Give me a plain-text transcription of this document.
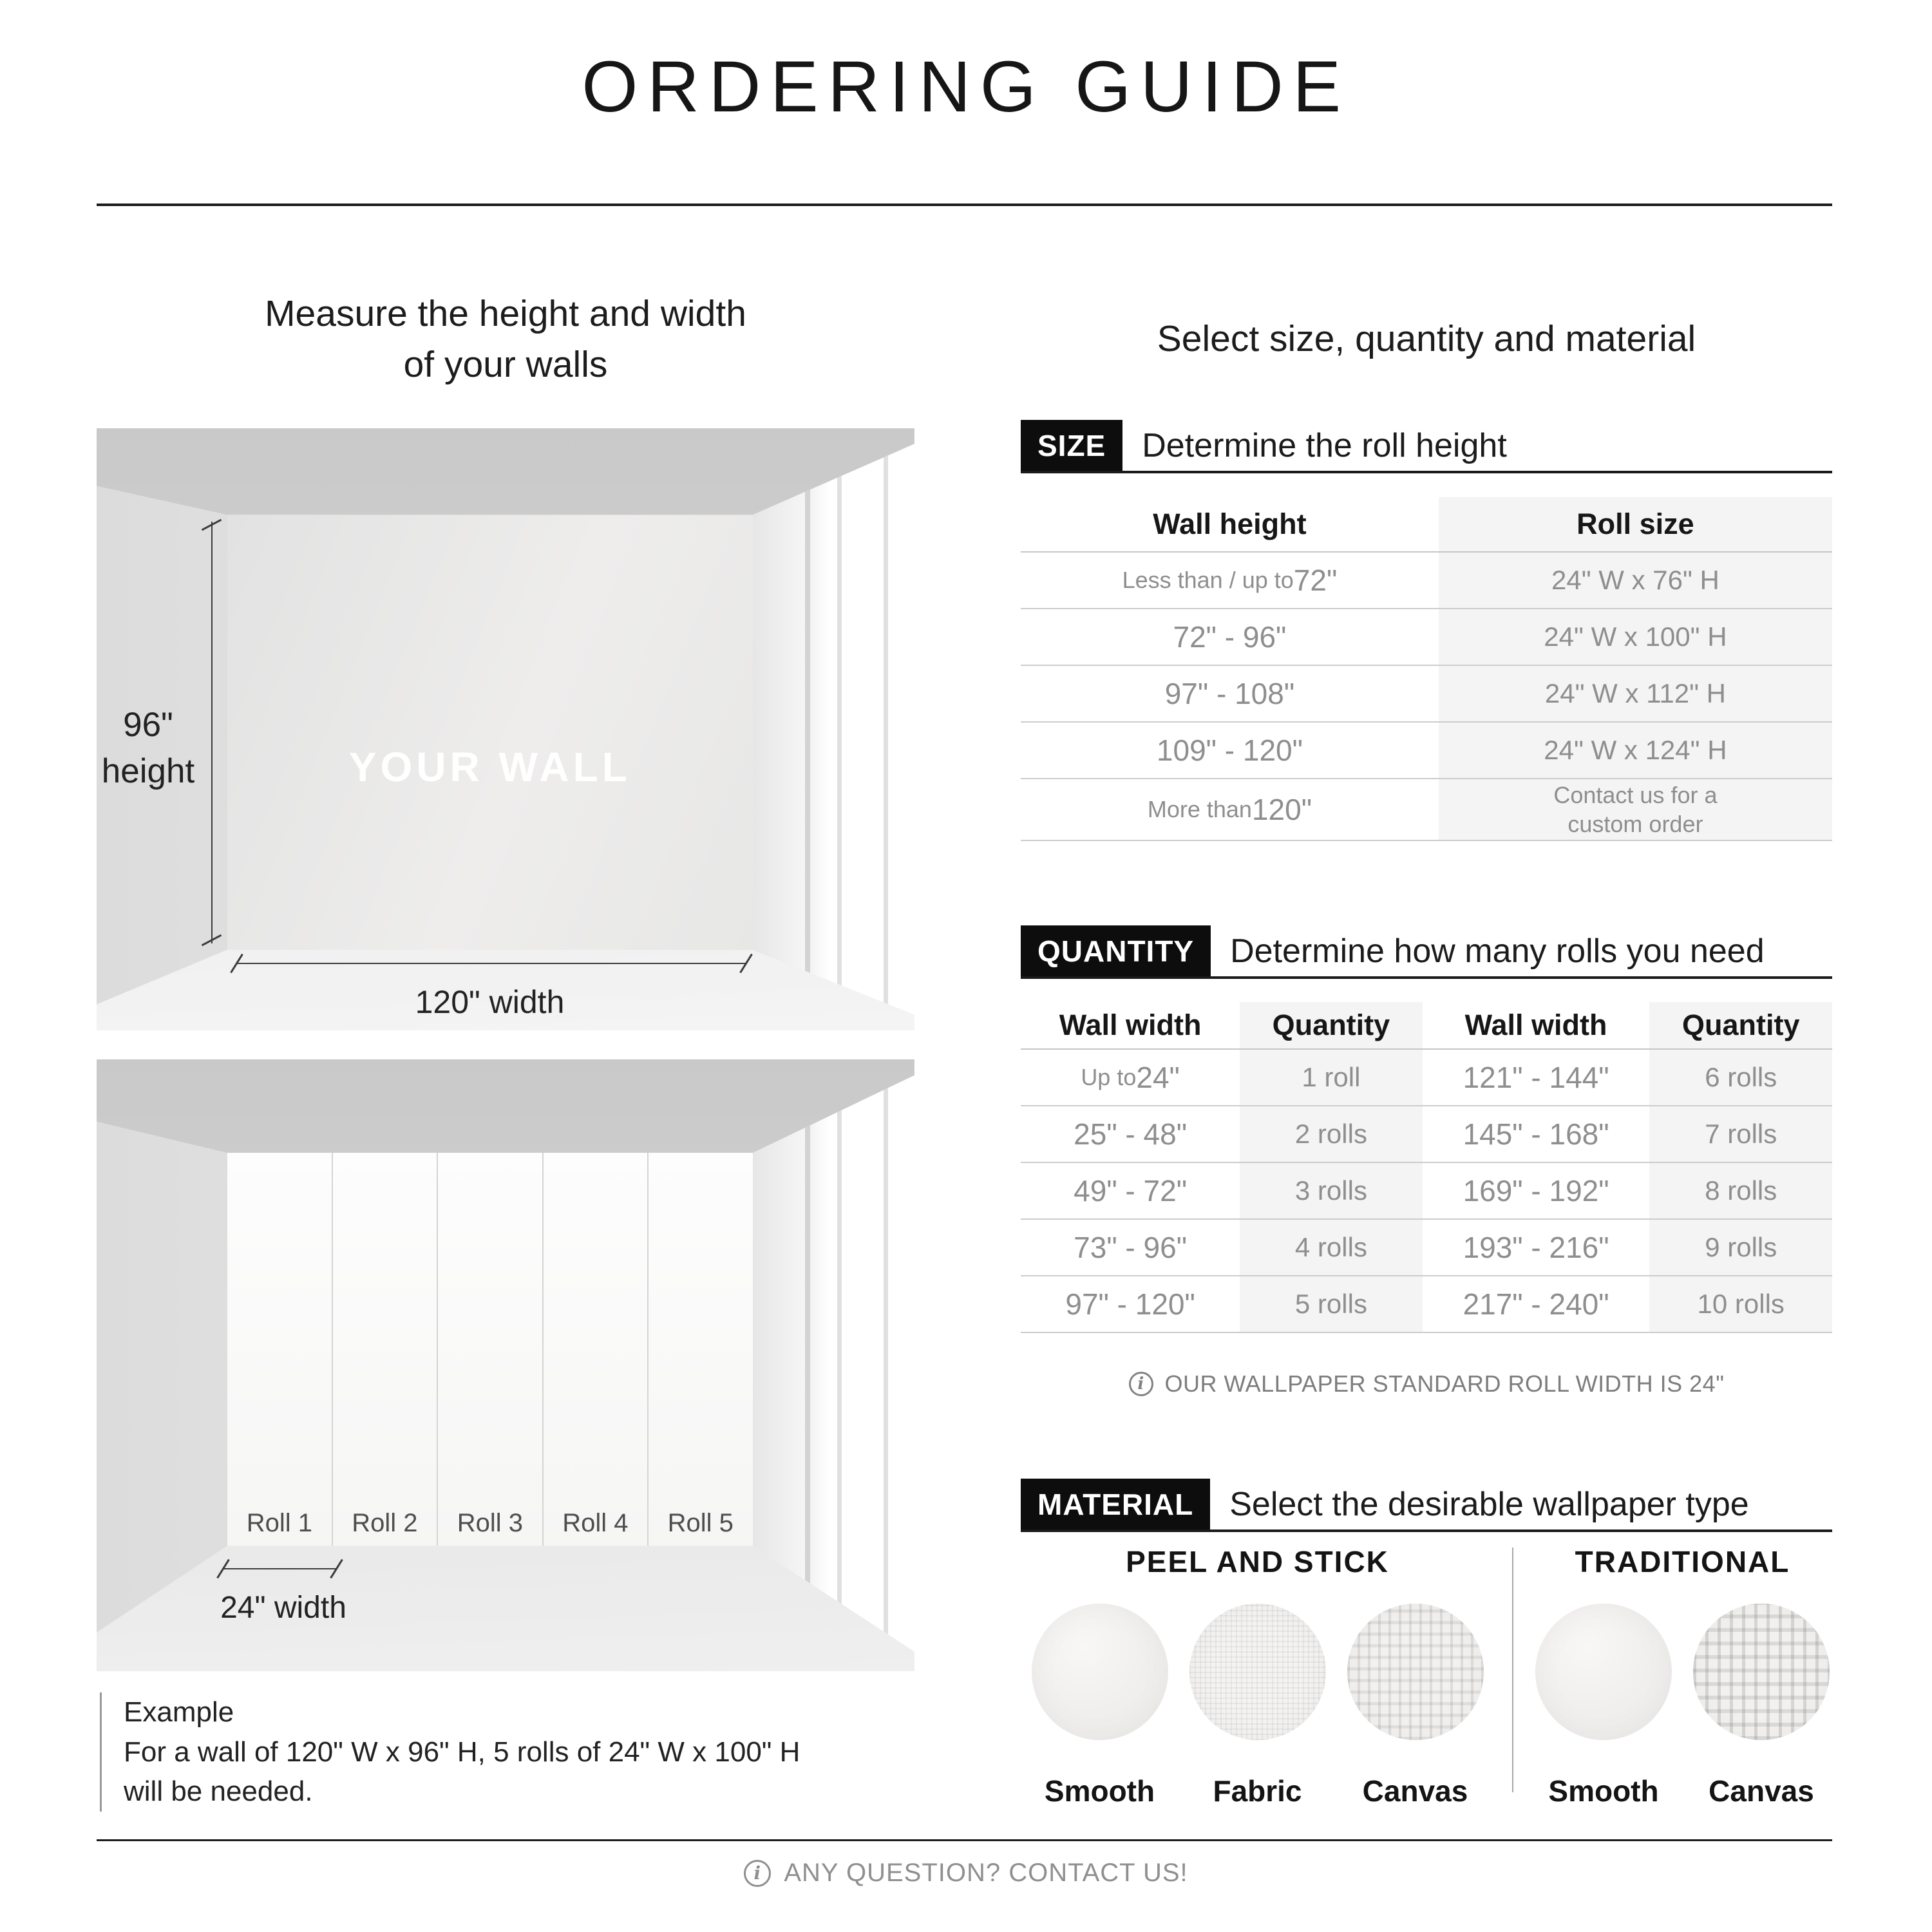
ORDERING GUIDE
Measure the height and width
of your walls
Select size, quantity and material
YOUR WALL
96"
height
120" width
Roll 1 Roll 2 Roll 3 Roll 4 Roll 5
24" width
Example
For a wall of 120" W x 96" H, 5 rolls of 24" W x 100" H
will be needed.
SIZE	Determine the roll height
Wall height	Roll size
Less than / up to 72"	24" W x 76" H
72" - 96"	24" W x 100" H
97" - 108"	24" W x 112" H
109" - 120"	24" W x 124" H
More than 120"	Contact us for a
custom order
QUANTITY	Determine how many rolls you need
Wall width	Quantity	Wall width	Quantity
Up to 24"	1 roll	121" - 144"	6 rolls
25" - 48"	2 rolls	145" - 168"	7 rolls
49" - 72"	3 rolls	169" - 192"	8 rolls
73" - 96"	4 rolls	193" - 216"	9 rolls
97" - 120"	5 rolls	217" - 240"	10 rolls
i
OUR WALLPAPER STANDARD ROLL WIDTH IS 24"
MATERIAL	Select the desirable wallpaper type
PEEL AND STICK
Smooth Fabric Canvas
TRADITIONAL
Smooth Canvas
i
ANY QUESTION? CONTACT US!
